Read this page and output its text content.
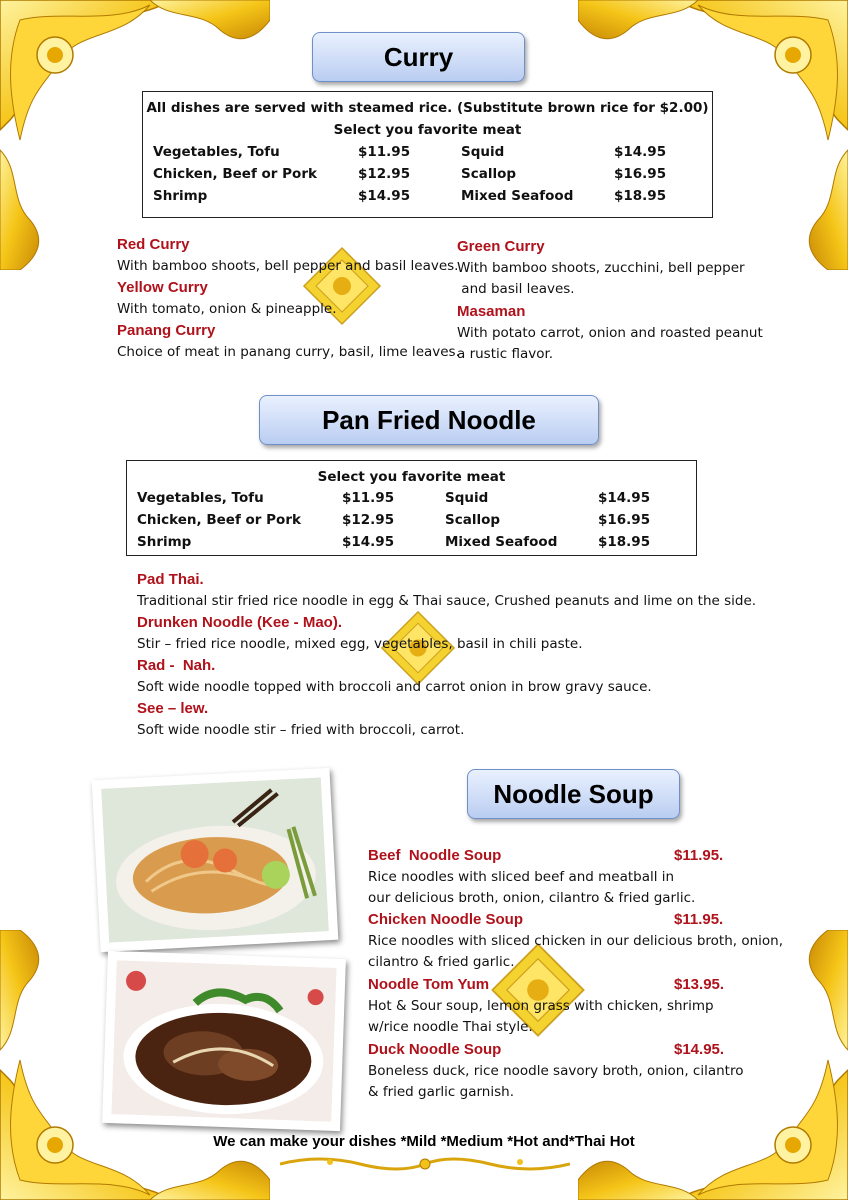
Curry
All dishes are served with steamed rice. (Substitute brown rice for $2.00)
Select you favorite meat
Vegetables, Tofu	$11.95	Squid	$14.95
Chicken, Beef or Pork	$12.95	Scallop	$16.95
Shrimp	$14.95	Mixed Seafood	$18.95
Red Curry
With bamboo shoots, bell pepper and basil leaves.
Yellow Curry
With tomato, onion & pineapple.
Panang Curry
Choice of meat in panang curry, basil, lime leaves.
Green Curry
With bamboo shoots, zucchini, bell pepper
and basil leaves.
Masaman
With potato carrot, onion and roasted peanut
a rustic flavor.
Pan Fried Noodle
Select you favorite meat
Vegetables, Tofu	$11.95	Squid	$14.95
Chicken, Beef or Pork	$12.95	Scallop	$16.95
Shrimp	$14.95	Mixed Seafood	$18.95
Pad Thai.
Traditional stir fried rice noodle in egg & Thai sauce, Crushed peanuts and lime on the side.
Drunken Noodle (Kee - Mao).
Stir – fried rice noodle, mixed egg, vegetables, basil in chili paste.
Rad -  Nah.
Soft wide noodle topped with broccoli and carrot onion in brow gravy sauce.
See – lew.
Soft wide noodle stir – fried with broccoli, carrot.
Noodle Soup
Beef  Noodle Soup	$11.95.
Rice noodles with sliced beef and meatball in
our delicious broth, onion, cilantro & fried garlic.
Chicken Noodle Soup	$11.95.
Rice noodles with sliced chicken in our delicious broth, onion,
cilantro & fried garlic.
Noodle Tom Yum	$13.95.
Hot & Sour soup, lemon grass with chicken, shrimp
w/rice noodle Thai style.
Duck Noodle Soup	$14.95.
Boneless duck, rice noodle savory broth, onion, cilantro
& fried garlic garnish.
We can make your dishes *Mild *Medium *Hot and*Thai Hot
